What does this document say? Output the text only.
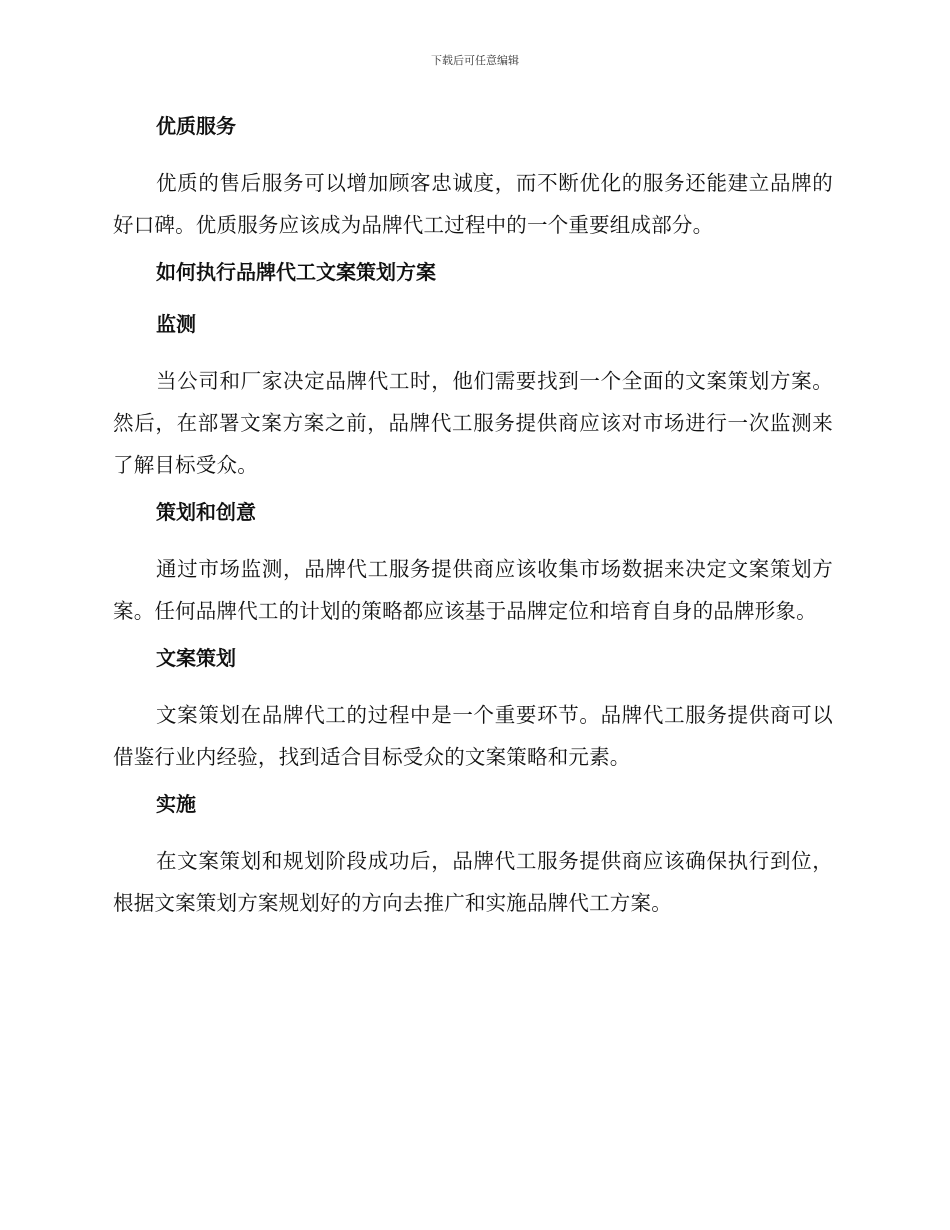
下载后可任意编辑
优质服务

优质的售后服务可以增加顾客忠诚度，而不断优化的服务还能建立品牌的好口碑。优质服务应该成为品牌代工过程中的一个重要组成部分。

如何执行品牌代工文案策划方案
监测

当公司和厂家决定品牌代工时，他们需要找到一个全面的文案策划方案。然后，在部署文案方案之前，品牌代工服务提供商应该对市场进行一次监测来了解目标受众。

策划和创意

通过市场监测，品牌代工服务提供商应该收集市场数据来决定文案策划方案。任何品牌代工的计划的策略都应该基于品牌定位和培育自身的品牌形象。

文案策划

文案策划在品牌代工的过程中是一个重要环节。品牌代工服务提供商可以借鉴行业内经验，找到适合目标受众的文案策略和元素。

实施

在文案策划和规划阶段成功后，品牌代工服务提供商应该确保执行到位，根据文案策划方案规划好的方向去推广和实施品牌代工方案。
